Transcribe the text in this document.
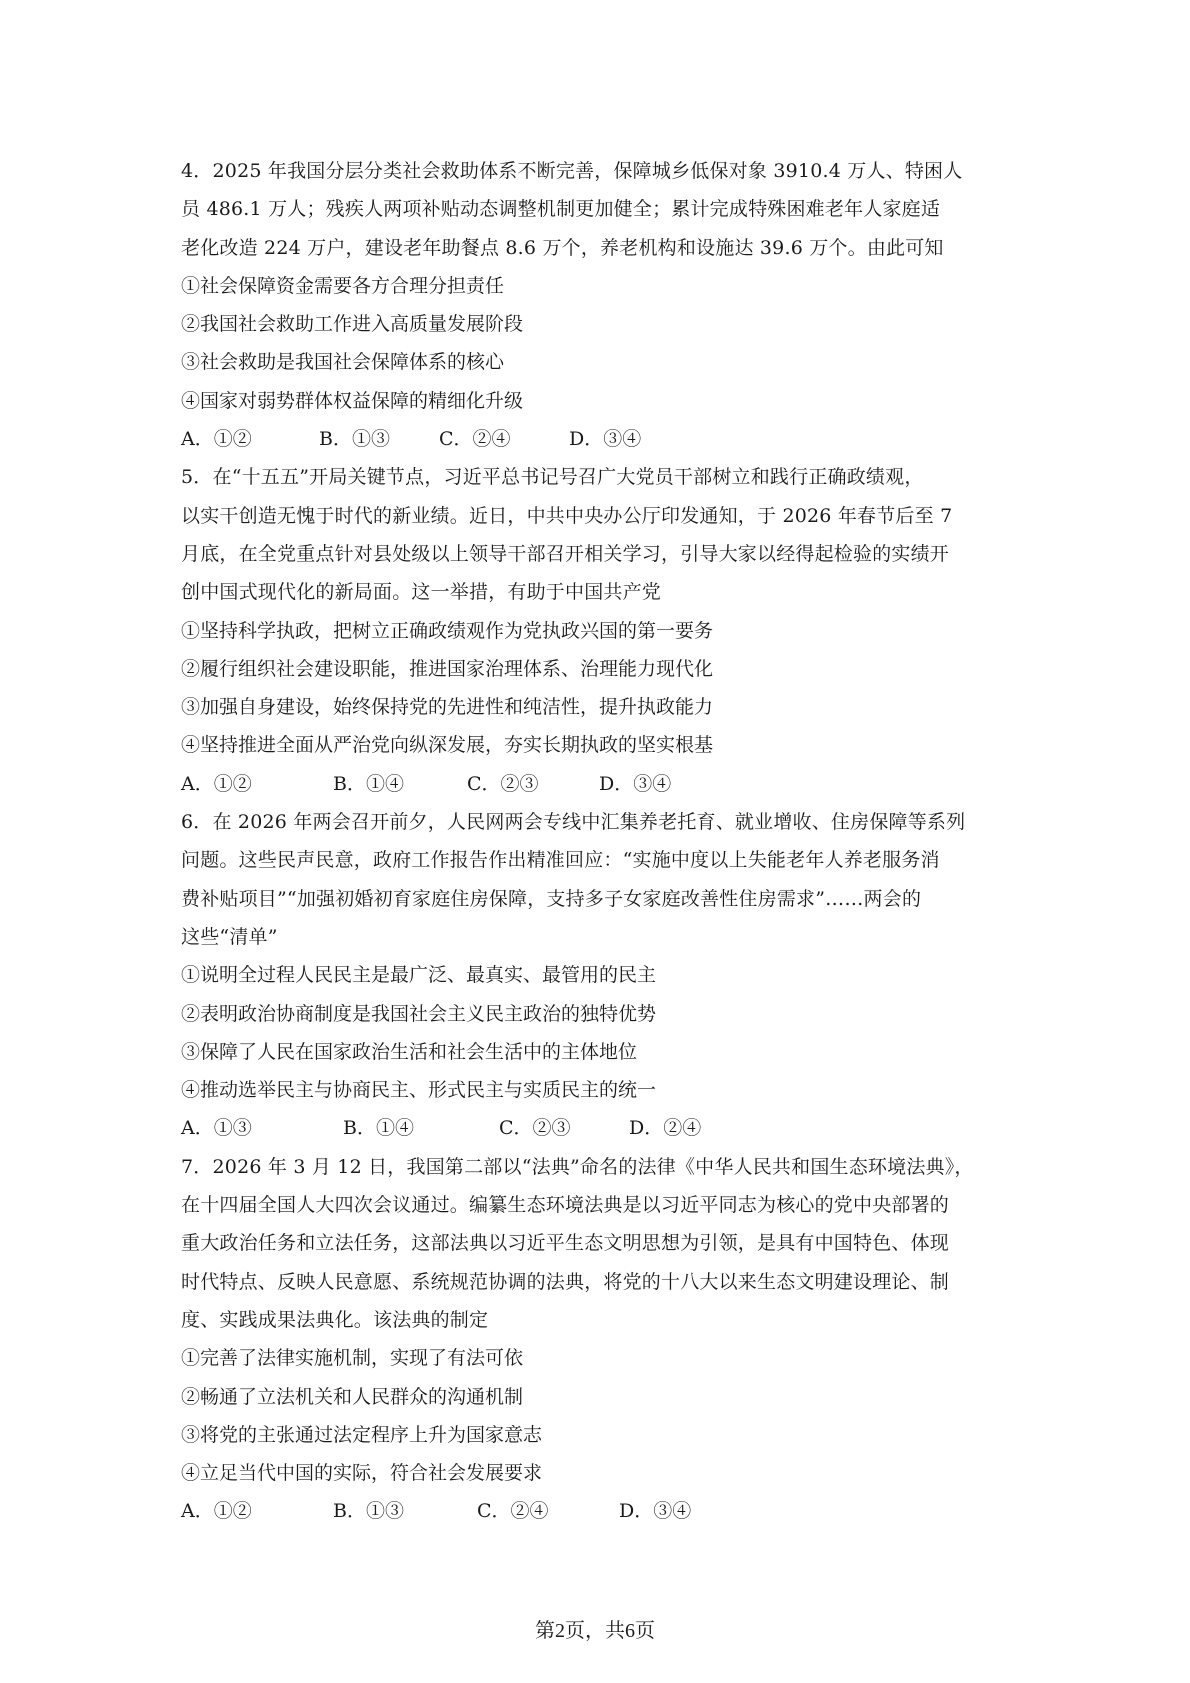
4．2025 年我国分层分类社会救助体系不断完善，保障城乡低保对象 3910.4 万人、特困人
员 486.1 万人；残疾人两项补贴动态调整机制更加健全；累计完成特殊困难老年人家庭适
老化改造 224 万户，建设老年助餐点 8.6 万个，养老机构和设施达 39.6 万个。由此可知
①社会保障资金需要各方合理分担责任
②我国社会救助工作进入高质量发展阶段
③社会救助是我国社会保障体系的核心
④国家对弱势群体权益保障的精细化升级
A．①②	B．①③	C．②④	D．③④
5．在“十五五”开局关键节点，习近平总书记号召广大党员干部树立和践行正确政绩观，
以实干创造无愧于时代的新业绩。近日，中共中央办公厅印发通知，于 2026 年春节后至 7
月底，在全党重点针对县处级以上领导干部召开相关学习，引导大家以经得起检验的实绩开
创中国式现代化的新局面。这一举措，有助于中国共产党
①坚持科学执政，把树立正确政绩观作为党执政兴国的第一要务
②履行组织社会建设职能，推进国家治理体系、治理能力现代化
③加强自身建设，始终保持党的先进性和纯洁性，提升执政能力
④坚持推进全面从严治党向纵深发展，夯实长期执政的坚实根基
A．①②	B．①④	C．②③	D．③④
6．在 2026 年两会召开前夕，人民网两会专线中汇集养老托育、就业增收、住房保障等系列
问题。这些民声民意，政府工作报告作出精准回应：“实施中度以上失能老年人养老服务消
费补贴项目”“加强初婚初育家庭住房保障，支持多子女家庭改善性住房需求”……两会的
这些“清单”
①说明全过程人民民主是最广泛、最真实、最管用的民主
②表明政治协商制度是我国社会主义民主政治的独特优势
③保障了人民在国家政治生活和社会生活中的主体地位
④推动选举民主与协商民主、形式民主与实质民主的统一
A．①③	B．①④	C．②③	D．②④
7．2026 年 3 月 12 日，我国第二部以“法典”命名的法律《中华人民共和国生态环境法典》，
在十四届全国人大四次会议通过。编纂生态环境法典是以习近平同志为核心的党中央部署的
重大政治任务和立法任务，这部法典以习近平生态文明思想为引领，是具有中国特色、体现
时代特点、反映人民意愿、系统规范协调的法典，将党的十八大以来生态文明建设理论、制
度、实践成果法典化。该法典的制定
①完善了法律实施机制，实现了有法可依
②畅通了立法机关和人民群众的沟通机制
③将党的主张通过法定程序上升为国家意志
④立足当代中国的实际，符合社会发展要求
A．①②	B．①③	C．②④	D．③④
第2页，共6页
